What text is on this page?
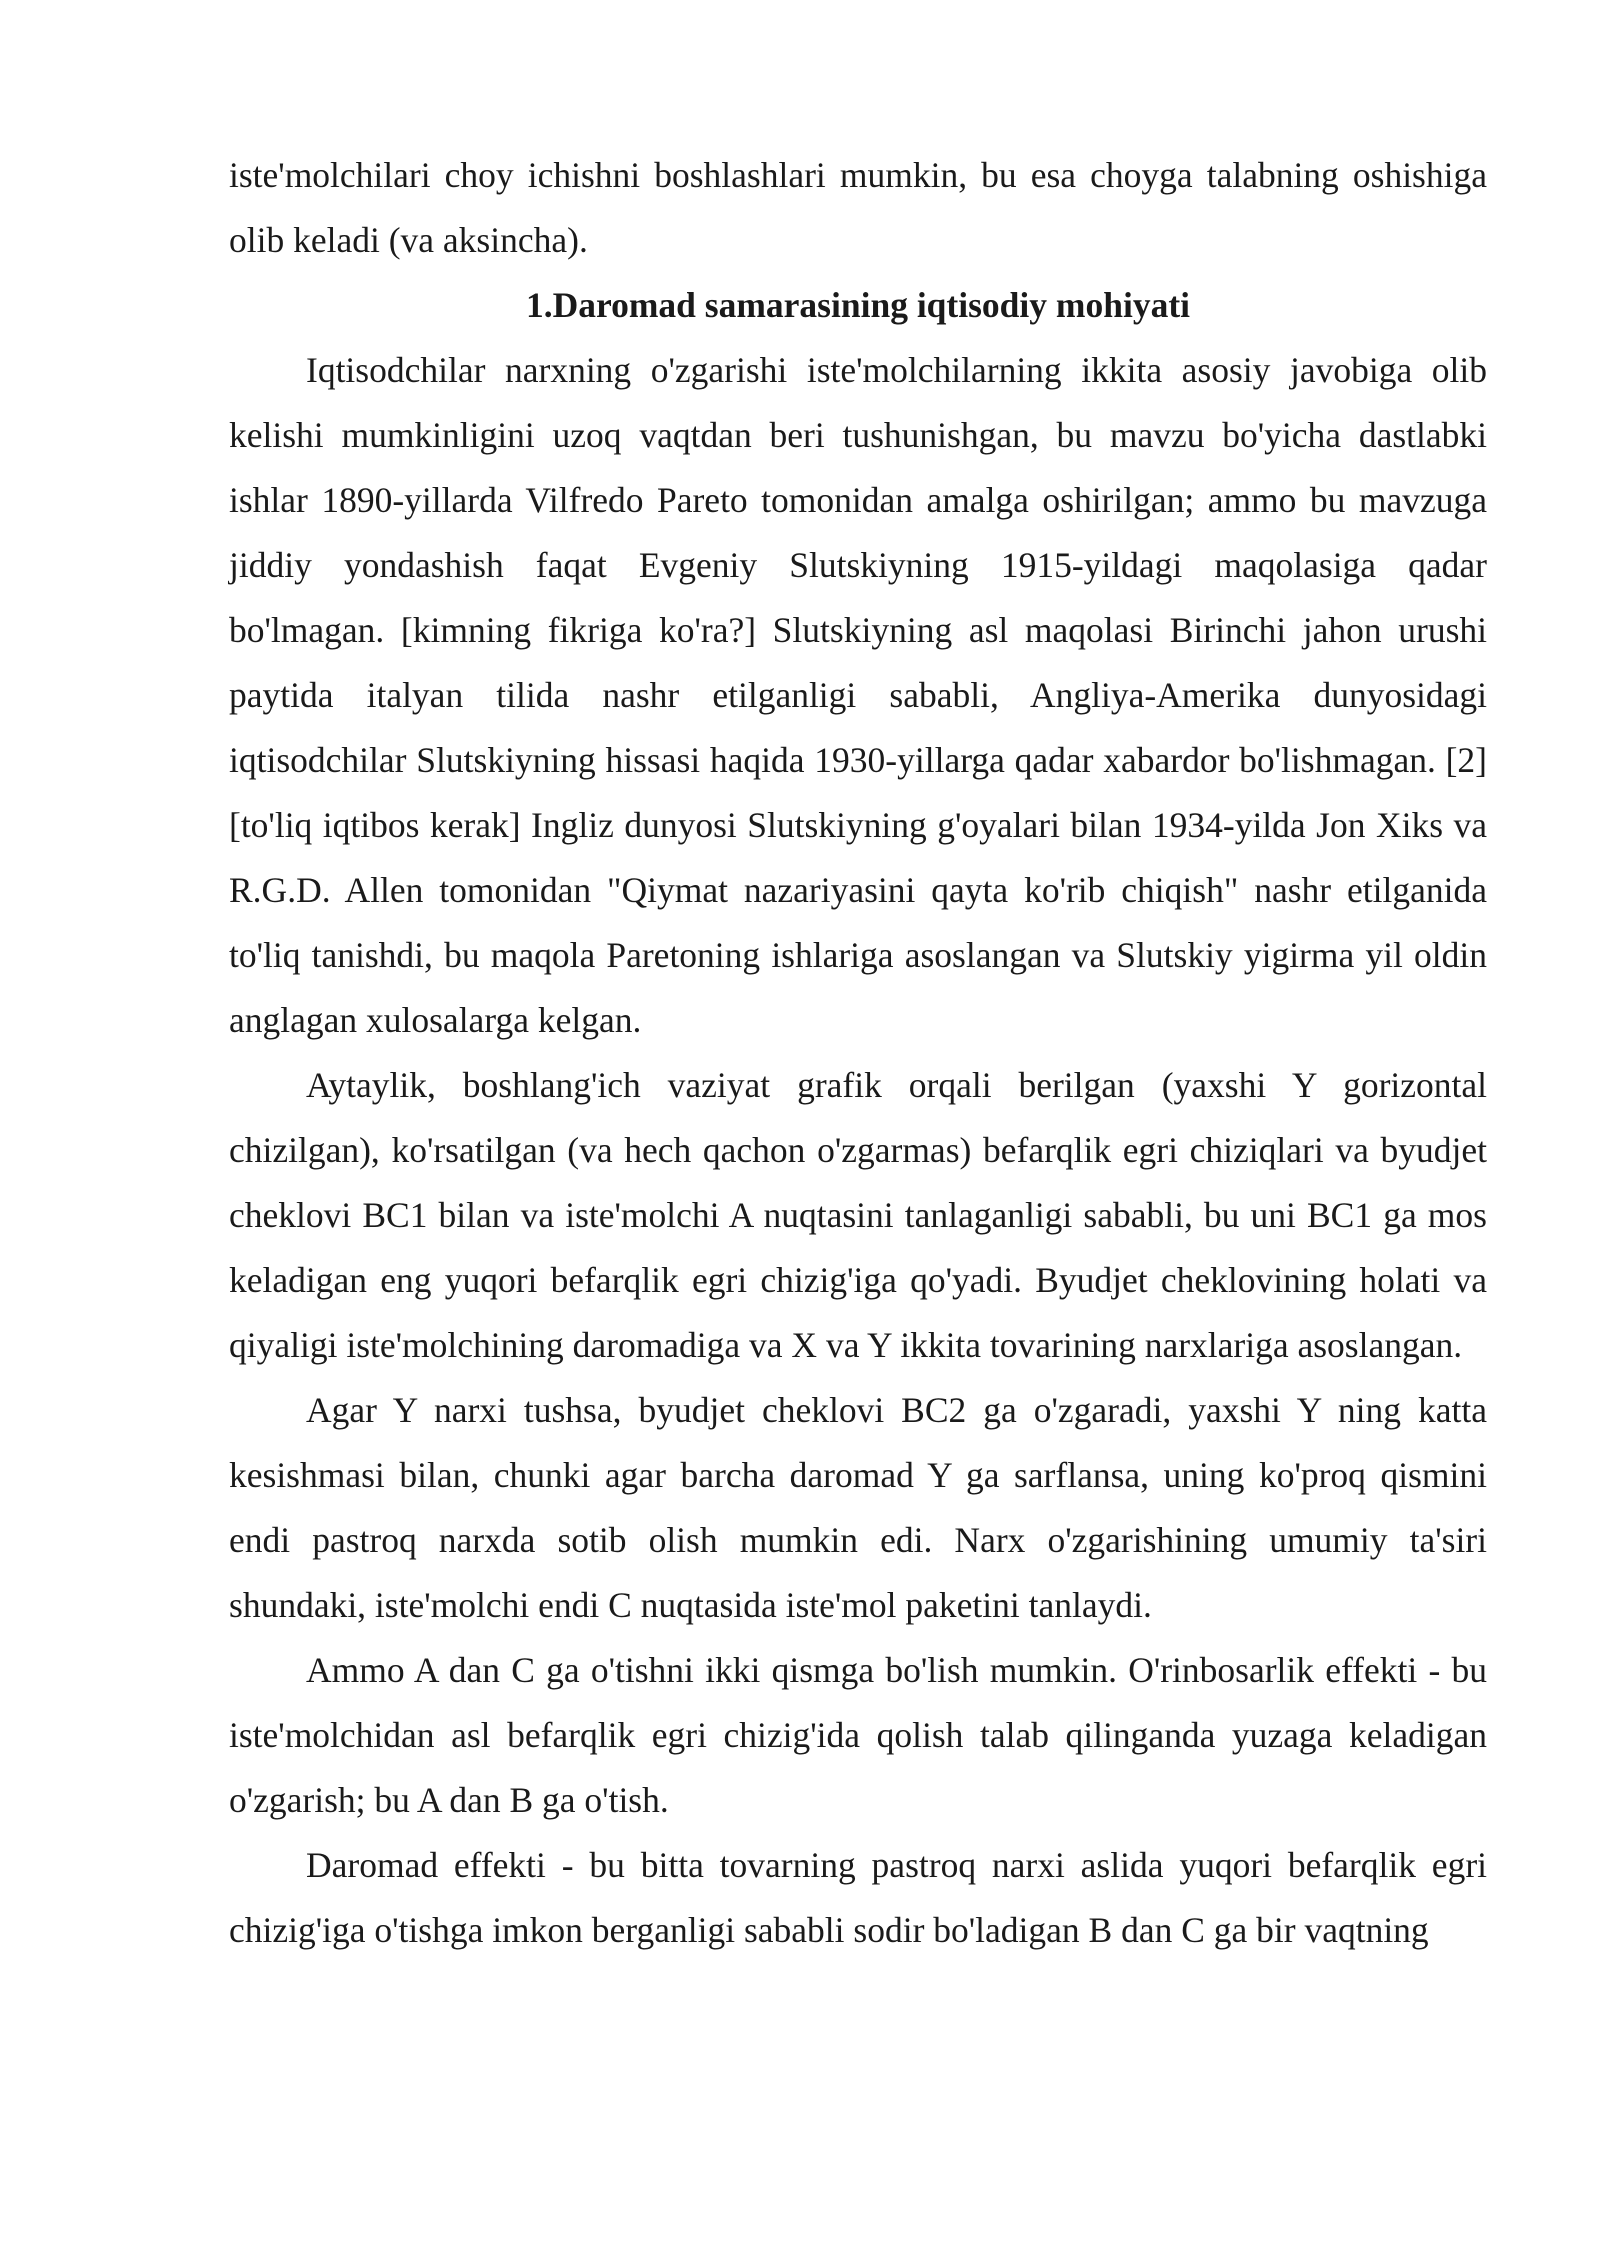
iste'molchilari choy ichishni boshlashlari mumkin, bu esa choyga talabning oshishiga olib keladi (va aksincha).

1.Daromad samarasining iqtisodiy mohiyati

Iqtisodchilar narxning o'zgarishi iste'molchilarning ikkita asosiy javobiga olib kelishi mumkinligini uzoq vaqtdan beri tushunishgan, bu mavzu bo'yicha dastlabki ishlar 1890-yillarda Vilfredo Pareto tomonidan amalga oshirilgan; ammo bu mavzuga jiddiy yondashish faqat Evgeniy Slutskiyning 1915-yildagi maqolasiga qadar bo'lmagan. [kimning fikriga ko'ra?] Slutskiyning asl maqolasi Birinchi jahon urushi paytida italyan tilida nashr etilganligi sababli, Angliya-Amerika dunyosidagi iqtisodchilar Slutskiyning hissasi haqida 1930-yillarga qadar xabardor bo'lishmagan. [2] [to'liq iqtibos kerak] Ingliz dunyosi Slutskiyning g'oyalari bilan 1934-yilda Jon Xiks va R.G.D. Allen tomonidan "Qiymat nazariyasini qayta ko'rib chiqish" nashr etilganida to'liq tanishdi, bu maqola Paretoning ishlariga asoslangan va Slutskiy yigirma yil oldin anglagan xulosalarga kelgan.

Aytaylik, boshlang'ich vaziyat grafik orqali berilgan (yaxshi Y gorizontal chizilgan), ko'rsatilgan (va hech qachon o'zgarmas) befarqlik egri chiziqlari va byudjet cheklovi BC1 bilan va iste'molchi A nuqtasini tanlaganligi sababli, bu uni BC1 ga mos keladigan eng yuqori befarqlik egri chizig'iga qo'yadi. Byudjet cheklovining holati va qiyaligi iste'molchining daromadiga va X va Y ikkita tovarining narxlariga asoslangan.

Agar Y narxi tushsa, byudjet cheklovi BC2 ga o'zgaradi, yaxshi Y ning katta kesishmasi bilan, chunki agar barcha daromad Y ga sarflansa, uning ko'proq qismini endi pastroq narxda sotib olish mumkin edi. Narx o'zgarishining umumiy ta'siri shundaki, iste'molchi endi C nuqtasida iste'mol paketini tanlaydi.

Ammo A dan C ga o'tishni ikki qismga bo'lish mumkin. O'rinbosarlik effekti - bu iste'molchidan asl befarqlik egri chizig'ida qolish talab qilinganda yuzaga keladigan o'zgarish; bu A dan B ga o'tish.

Daromad effekti - bu bitta tovarning pastroq narxi aslida yuqori befarqlik egri chizig'iga o'tishga imkon berganligi sababli sodir bo'ladigan B dan C ga bir vaqtning
